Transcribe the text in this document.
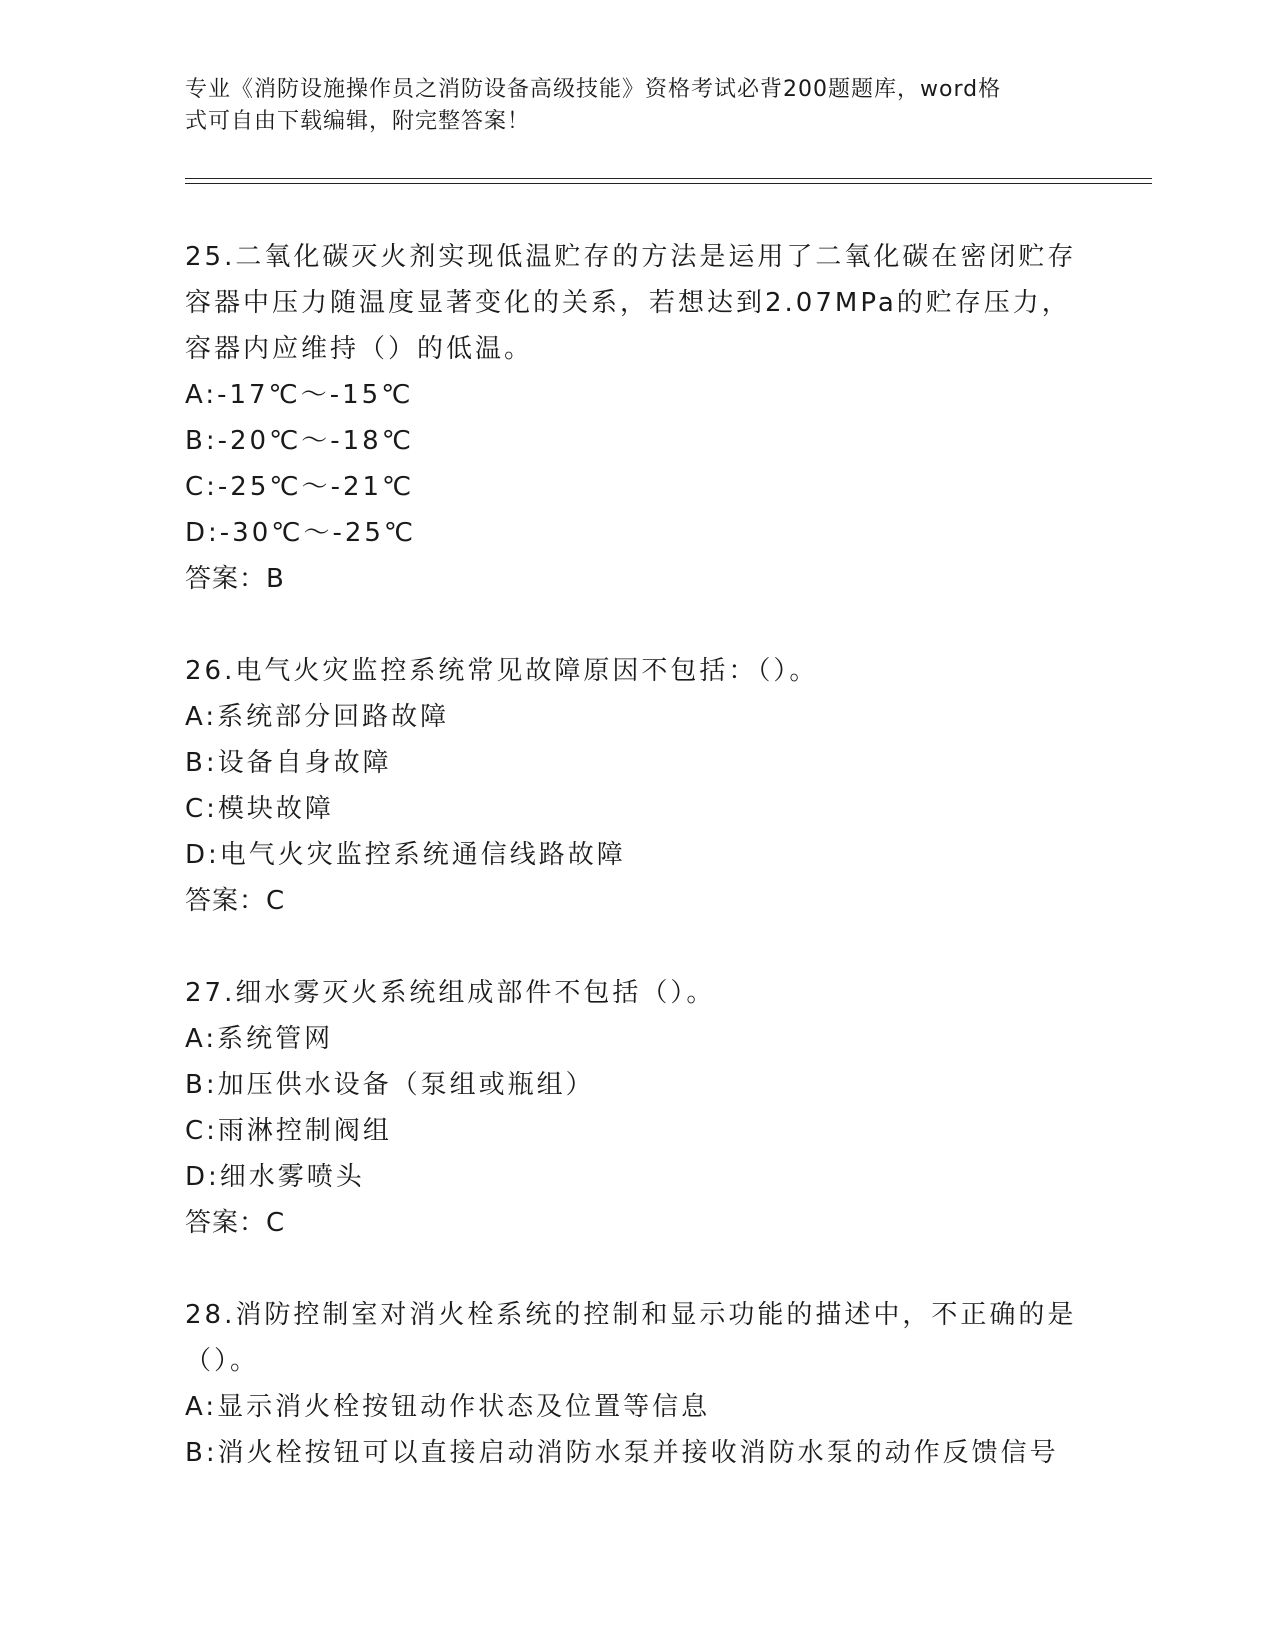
专业《消防设施操作员之消防设备高级技能》资格考试必背200题题库，word格
式可自由下载编辑，附完整答案！
25.二氧化碳灭火剂实现低温贮存的方法是运用了二氧化碳在密闭贮存
容器中压力随温度显著变化的关系，若想达到2.07MPa的贮存压力，
容器内应维持（）的低温。
A:-17℃～-15℃
B:-20℃～-18℃
C:-25℃～-21℃
D:-30℃～-25℃
答案：B
26.电气火灾监控系统常见故障原因不包括：（）。
A:系统部分回路故障
B:设备自身故障
C:模块故障
D:电气火灾监控系统通信线路故障
答案：C
27.细水雾灭火系统组成部件不包括（）。
A:系统管网
B:加压供水设备（泵组或瓶组）
C:雨淋控制阀组
D:细水雾喷头
答案：C
28.消防控制室对消火栓系统的控制和显示功能的描述中，不正确的是
（）。
A:显示消火栓按钮动作状态及位置等信息
B:消火栓按钮可以直接启动消防水泵并接收消防水泵的动作反馈信号
